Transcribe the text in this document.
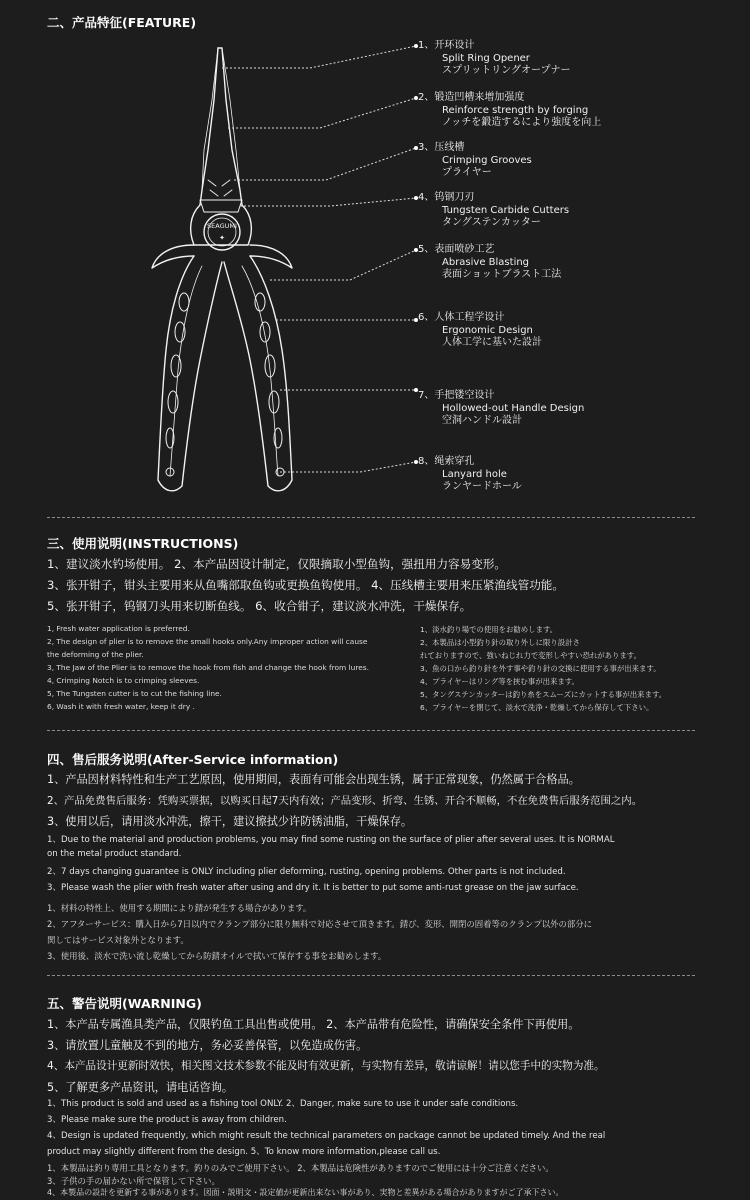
二、产品特征(FEATURE)
SEAGUMI
✦
1、开环设计
Split Ring Opener
スプリットリングオープナー
2、锻造凹槽来增加强度
Reinforce strength by forging
ノッチを鍛造するにより強度を向上
3、压线槽
Crimping Grooves
プライヤー
4、钨钢刀刃
Tungsten Carbide Cutters
タングステンカッター
5、表面喷砂工艺
Abrasive Blasting
表面ショットブラスト工法
6、人体工程学设计
Ergonomic Design
人体工学に基いた設計
7、手把镂空设计
Hollowed-out Handle Design
空洞ハンドル設計
8、绳索穿孔
Lanyard hole
ランヤードホール
三、使用说明(INSTRUCTIONS)

1、建议淡水钓场使用。 2、本产品因设计制定，仅限摘取小型鱼钩，强扭用力容易变形。

3、张开钳子，钳头主要用来从鱼嘴部取鱼钩或更换鱼钩使用。 4、压线槽主要用来压紧渔线管功能。

5、张开钳子，钨钢刀头用来切断鱼线。 6、收合钳子，建议淡水冲洗，干燥保存。

1, Fresh water application is preferred.

2, The design of plier is to remove the small hooks only.Any improper action will cause

the deforming of the plier.

3, The Jaw of the Plier is to remove the hook from fish and change the hook from lures.

4, Crimping Notch is to crimping sleeves.

5, The Tungsten cutter is to cut the fishing line.

6, Wash it with fresh water, keep it dry .

1、淡水釣り場での使用をお勧めします。

2、本製品は小型釣り針の取り外しに限り設計さ

れておりますので、強いねじれ力で変形しやすい恐れがあります。

3、魚の口から釣り針を外す事や釣り針の交換に使用する事が出来ます。

4、プライヤーはリング等を挟む事が出来ます。

5、タングステンカッターは釣り糸をスムーズにカットする事が出来ます。

6、プライヤーを閉じて、淡水で洗浄・乾燥してから保存して下さい。

四、售后服务说明(After-Service information)

1、产品因材料特性和生产工艺原因，使用期间，表面有可能会出现生锈，属于正常现象，仍然属于合格品。

2、产品免费售后服务：凭购买票据，以购买日起7天内有效；产品变形、折弯、生锈、开合不顺畅，不在免费售后服务范围之内。

3、使用以后，请用淡水冲洗，擦干，建议擦拭少许防锈油脂，干燥保存。

1、Due to the material and production problems, you may find some rusting on the surface of plier after several uses. It is NORMAL

on the metal product standard.

2、7 days changing guarantee is ONLY including plier deforming, rusting, opening problems. Other parts is not included.

3、Please wash the plier with fresh water after using and dry it. It is better to put some anti-rust grease on the jaw surface.

1、材料の特性上、使用する期間により錆が発生する場合があります。

2、アフターサービス：購入日から7日以内でクランプ部分に限り無料で対応させて頂きます。錆び、変形、開閉の固着等のクランプ以外の部分に

関してはサービス対象外となります。

3、使用後、淡水で洗い流し乾燥してから防錆オイルで拭いて保存する事をお勧めします。

五、警告说明(WARNING)

1、本产品专属渔具类产品，仅限钓鱼工具出售或使用。 2、本产品带有危险性，请确保安全条件下再使用。

3、请放置儿童触及不到的地方，务必妥善保管，以免造成伤害。

4、本产品设计更新时效快，相关图文技术参数不能及时有效更新，与实物有差异，敬请谅解！请以您手中的实物为准。

5、了解更多产品资讯，请电话咨询。

1、This product is sold and used as a fishing tool ONLY. 2、Danger, make sure to use it under safe conditions.

3、Please make sure the product is away from children.

4、Design is updated frequently, which might result the technical parameters on package cannot be updated timely. And the real

product may slightly different from the design. 5、To know more information,please call us.

1、本製品は釣り専用工具となります。釣りのみでご使用下さい。 2、本製品は危険性がありますのでご使用には十分ご注意ください。

3、子供の手の届かない所で保管して下さい。

4、本製品の設計を更新する事があります。図面・説明文・設定値が更新出来ない事があり、実物と差異がある場合がありますがご了承下さい。
